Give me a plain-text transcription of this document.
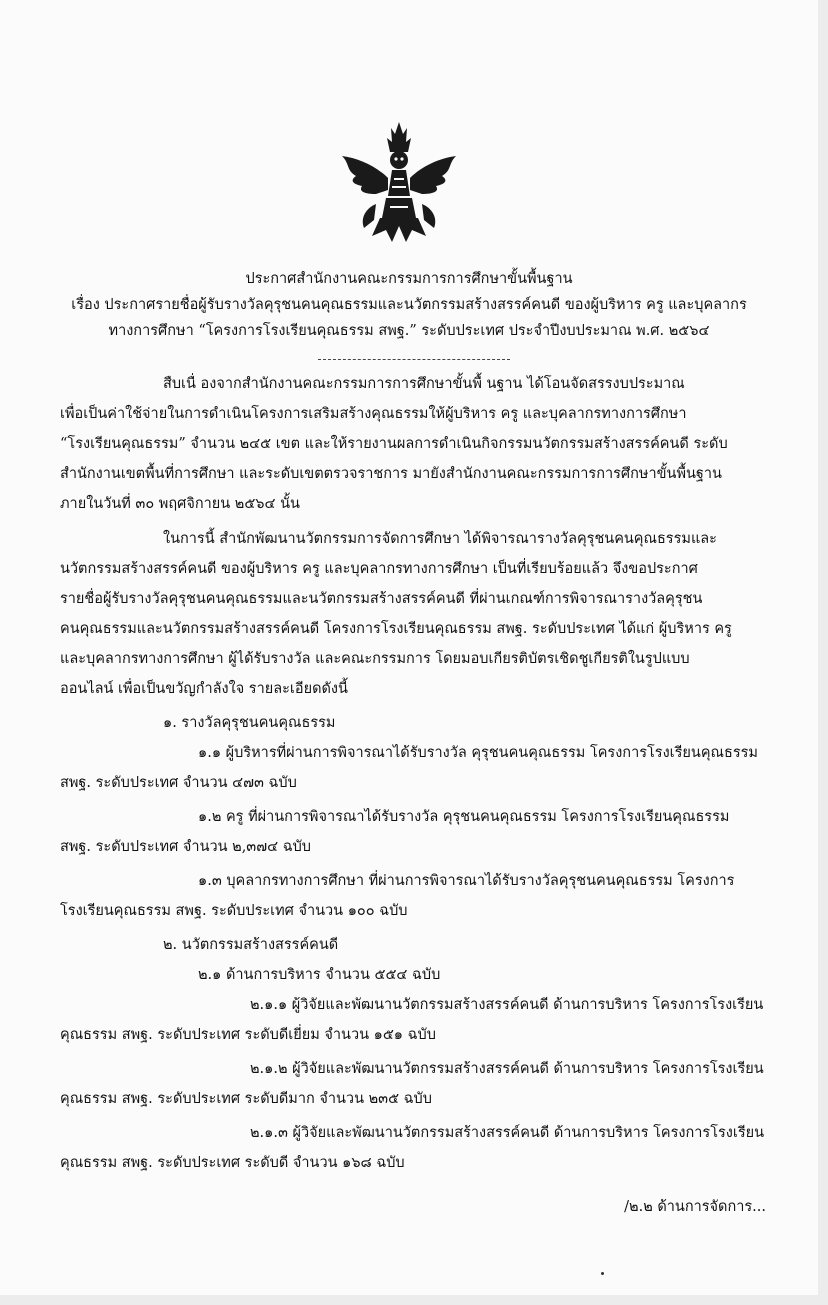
ประกาศสำนักงานคณะกรรมการการศึกษาขั้นพื้นฐาน
เรื่อง ประกาศรายชื่อผู้รับรางวัลคุรุชนคนคุณธรรมและนวัตกรรมสร้างสรรค์คนดี ของผู้บริหาร ครู และบุคลากร
ทางการศึกษา “โครงการโรงเรียนคุณธรรม สพฐ.” ระดับประเทศ ประจำปีงบประมาณ พ.ศ. ๒๕๖๔
สืบเนื่ องจากสำนักงานคณะกรรมการการศึกษาขั้นพื้ นฐาน ได้โอนจัดสรรงบประมาณ
เพื่อเป็นค่าใช้จ่ายในการดำเนินโครงการเสริมสร้างคุณธรรมให้ผู้บริหาร ครู และบุคลากรทางการศึกษา
“โรงเรียนคุณธรรม” จำนวน ๒๔๕ เขต และให้รายงานผลการดำเนินกิจกรรมนวัตกรรมสร้างสรรค์คนดี ระดับ
สำนักงานเขตพื้นที่การศึกษา และระดับเขตตรวจราชการ มายังสำนักงานคณะกรรมการการศึกษาขั้นพื้นฐาน
ภายในวันที่ ๓๐ พฤศจิกายน ๒๕๖๔ นั้น
ในการนี้ สำนักพัฒนานวัตกรรมการจัดการศึกษา ได้พิจารณารางวัลคุรุชนคนคุณธรรมและ
นวัตกรรมสร้างสรรค์คนดี ของผู้บริหาร ครู และบุคลากรทางการศึกษา เป็นที่เรียบร้อยแล้ว จึงขอประกาศ
รายชื่อผู้รับรางวัลคุรุชนคนคุณธรรมและนวัตกรรมสร้างสรรค์คนดี ที่ผ่านเกณฑ์การพิจารณารางวัลคุรุชน
คนคุณธรรมและนวัตกรรมสร้างสรรค์คนดี โครงการโรงเรียนคุณธรรม สพฐ. ระดับประเทศ ได้แก่ ผู้บริหาร ครู
และบุคลากรทางการศึกษา ผู้ได้รับรางวัล และคณะกรรมการ โดยมอบเกียรติบัตรเชิดชูเกียรติในรูปแบบ
ออนไลน์ เพื่อเป็นขวัญกำลังใจ รายละเอียดดังนี้
๑. รางวัลคุรุชนคนคุณธรรม
๑.๑ ผู้บริหารที่ผ่านการพิจารณาได้รับรางวัล คุรุชนคนคุณธรรม โครงการโรงเรียนคุณธรรม
สพฐ. ระดับประเทศ จำนวน ๔๗๓ ฉบับ
๑.๒ ครู ที่ผ่านการพิจารณาได้รับรางวัล คุรุชนคนคุณธรรม โครงการโรงเรียนคุณธรรม
สพฐ. ระดับประเทศ จำนวน ๒,๓๗๔ ฉบับ
๑.๓ บุคลากรทางการศึกษา ที่ผ่านการพิจารณาได้รับรางวัลคุรุชนคนคุณธรรม โครงการ
โรงเรียนคุณธรรม สพฐ. ระดับประเทศ จำนวน ๑๐๐ ฉบับ
๒. นวัตกรรมสร้างสรรค์คนดี
๒.๑ ด้านการบริหาร จำนวน ๕๕๔ ฉบับ
๒.๑.๑ ผู้วิจัยและพัฒนานวัตกรรมสร้างสรรค์คนดี ด้านการบริหาร โครงการโรงเรียน
คุณธรรม สพฐ. ระดับประเทศ ระดับดีเยี่ยม จำนวน ๑๕๑ ฉบับ
๒.๑.๒ ผู้วิจัยและพัฒนานวัตกรรมสร้างสรรค์คนดี ด้านการบริหาร โครงการโรงเรียน
คุณธรรม สพฐ. ระดับประเทศ ระดับดีมาก จำนวน ๒๓๕ ฉบับ
๒.๑.๓ ผู้วิจัยและพัฒนานวัตกรรมสร้างสรรค์คนดี ด้านการบริหาร โครงการโรงเรียน
คุณธรรม สพฐ. ระดับประเทศ ระดับดี จำนวน ๑๖๘ ฉบับ
/๒.๒ ด้านการจัดการ...
